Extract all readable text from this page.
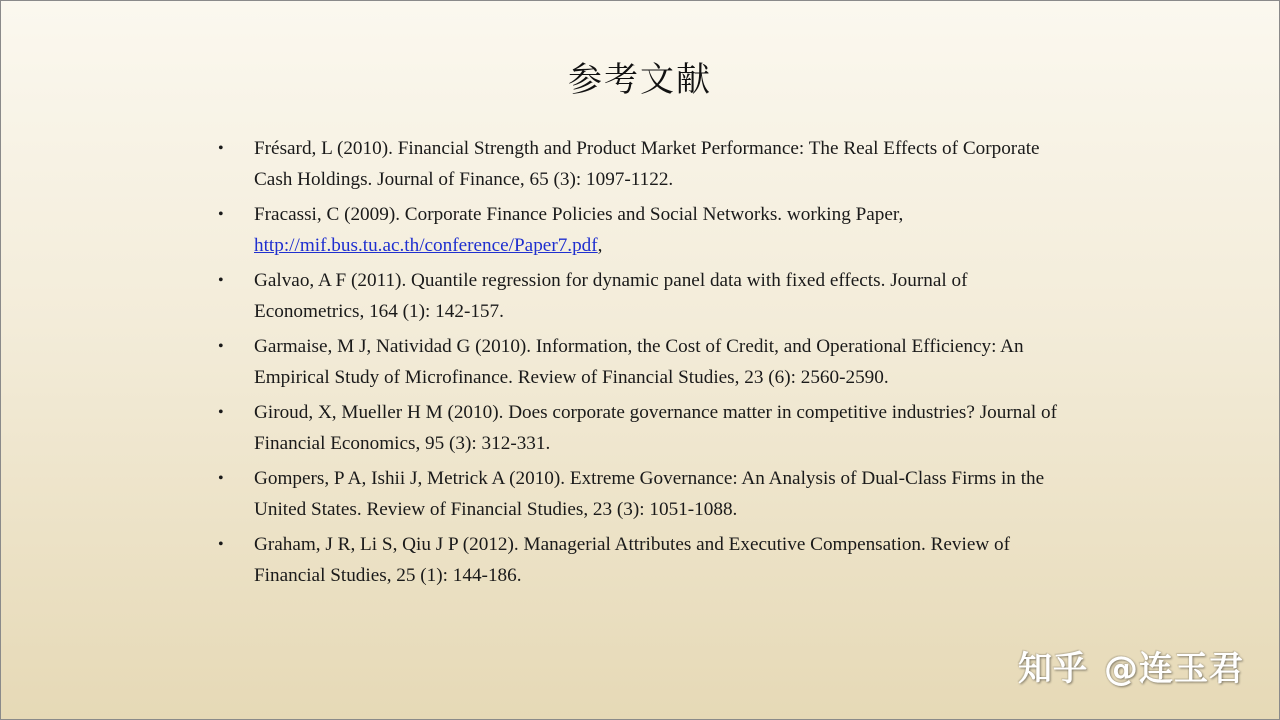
参考文献
• Frésard, L (2010). Financial Strength and Product Market Performance: The Real Effects of Corporate Cash Holdings. Journal of Finance, 65 (3): 1097-1122.
• Fracassi, C (2009). Corporate Finance Policies and Social Networks. working Paper,
http://mif.bus.tu.ac.th/conference/Paper7.pdf,
• Galvao, A F (2011). Quantile regression for dynamic panel data with fixed effects. Journal of Econometrics, 164 (1): 142-157.
• Garmaise, M J, Natividad G (2010). Information, the Cost of Credit, and Operational Efficiency: An Empirical Study of Microfinance. Review of Financial Studies, 23 (6): 2560-2590.
• Giroud, X, Mueller H M (2010). Does corporate governance matter in competitive industries? Journal of Financial Economics, 95 (3): 312-331.
• Gompers, P A, Ishii J, Metrick A (2010). Extreme Governance: An Analysis of Dual-Class Firms in the United States. Review of Financial Studies, 23 (3): 1051-1088.
• Graham, J R, Li S, Qiu J P (2012). Managerial Attributes and Executive Compensation. Review of Financial Studies, 25 (1): 144-186.
知乎 @连玉君
